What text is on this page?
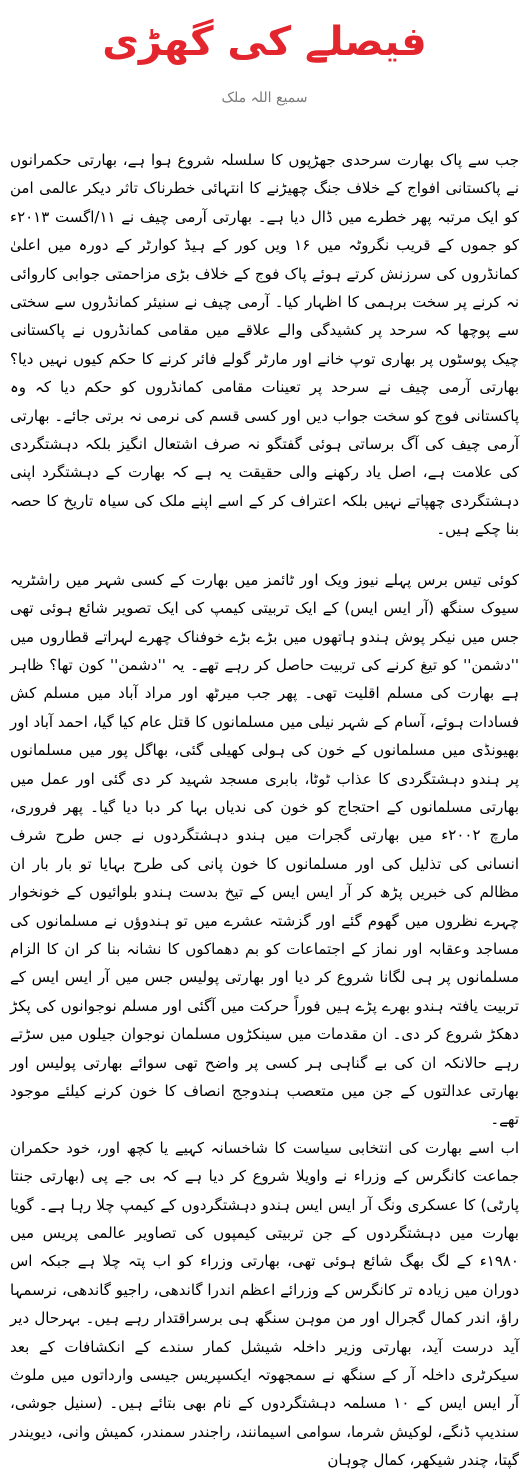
فیصلے کی گھڑی
سمیع اللہ ملک

جب سے پاک بھارت سرحدی جھڑپوں کا سلسلہ شروع ہوا ہے، بھارتی حکمرانوں نے پاکستانی افواج کے خلاف جنگ چھیڑنے کا انتہائی خطرناک تاثر دیکر عالمی امن کو ایک مرتبہ پھر خطرے میں ڈال دیا ہے۔ بھارتی آرمی چیف نے ۱۱/اگست ۲۰۱۳ء کو جموں کے قریب نگروٹہ میں ۱۶ ویں کور کے ہیڈ کوارٹر کے دورہ میں اعلیٰ کمانڈروں کی سرزنش کرتے ہوئے پاک فوج کے خلاف بڑی مزاحمتی جوابی کاروائی نہ کرنے پر سخت برہمی کا اظہار کیا۔ آرمی چیف نے سنیئر کمانڈروں سے سختی سے پوچھا کہ سرحد پر کشیدگی والے علاقے میں مقامی کمانڈروں نے پاکستانی چیک پوسٹوں پر بھاری توپ خانے اور مارٹر گولے فائر کرنے کا حکم کیوں نہیں دیا؟ بھارتی آرمی چیف نے سرحد پر تعینات مقامی کمانڈروں کو حکم دیا کہ وہ پاکستانی فوج کو سخت جواب دیں اور کسی قسم کی نرمی نہ برتی جائے۔ بھارتی آرمی چیف کی آگ برساتی ہوئی گفتگو نہ صرف اشتعال انگیز بلکہ دہشتگردی کی علامت ہے، اصل یاد رکھنے والی حقیقت یہ ہے کہ بھارت کے دہشتگرد اپنی دہشتگردی چھپاتے نہیں بلکہ اعتراف کر کے اسے اپنے ملک کی سیاہ تاریخ کا حصہ بنا چکے ہیں۔

کوئی تیس برس پہلے نیوز ویک اور ٹائمز میں بھارت کے کسی شہر میں راشٹریہ سیوک سنگھ (آر ایس ایس) کے ایک تربیتی کیمپ کی ایک تصویر شائع ہوئی تھی جس میں نیکر پوش ہندو ہاتھوں میں بڑے بڑے خوفناک چھرے لہراتے قطاروں میں ''دشمن'' کو تیغ کرنے کی تربیت حاصل کر رہے تھے۔ یہ ''دشمن'' کون تھا؟ ظاہر ہے بھارت کی مسلم اقلیت تھی۔ پھر جب میرٹھ اور مراد آباد میں مسلم کش فسادات ہوئے، آسام کے شہر نیلی میں مسلمانوں کا قتل عام کیا گیا، احمد آباد اور بھیونڈی میں مسلمانوں کے خون کی ہولی کھیلی گئی، بھاگل پور میں مسلمانوں پر ہندو دہشتگردی کا عذاب ٹوٹا، بابری مسجد شہید کر دی گئی اور عمل میں بھارتی مسلمانوں کے احتجاج کو خون کی ندیاں بہا کر دبا دیا گیا۔ پھر فروری، مارچ ۲۰۰۲ء میں بھارتی گجرات میں ہندو دہشتگردوں نے جس طرح شرف انسانی کی تذلیل کی اور مسلمانوں کا خون پانی کی طرح بہایا تو بار بار ان مظالم کی خبریں پڑھ کر آر ایس ایس کے تیخ بدست ہندو بلوائیوں کے خونخوار چہرے نظروں میں گھوم گئے اور گزشتہ عشرے میں تو ہندوؤں نے مسلمانوں کی مساجد وعقابہ اور نماز کے اجتماعات کو بم دھماکوں کا نشانہ بنا کر ان کا الزام مسلمانوں پر ہی لگانا شروع کر دیا اور بھارتی پولیس جس میں آر ایس ایس کے تربیت یافتہ ہندو بھرے پڑے ہیں فوراً حرکت میں آگئی اور مسلم نوجوانوں کی پکڑ دھکڑ شروع کر دی۔ ان مقدمات میں سینکڑوں مسلمان نوجوان جیلوں میں سڑتے رہے حالانکہ ان کی بے گناہی ہر کسی پر واضح تھی سوائے بھارتی پولیس اور بھارتی عدالتوں کے جن میں متعصب ہندوجج انصاف کا خون کرنے کیلئے موجود تھے۔

اب اسے بھارت کی انتخابی سیاست کا شاخسانہ کہیے یا کچھ اور، خود حکمران جماعت کانگرس کے وزراء نے واویلا شروع کر دیا ہے کہ بی جے پی (بھارتی جنتا پارٹی) کا عسکری ونگ آر ایس ایس ہندو دہشتگردوں کے کیمپ چلا رہا ہے۔ گویا بھارت میں دہشتگردوں کے جن تربیتی کیمپوں کی تصاویر عالمی پریس میں ۱۹۸۰ء کے لگ بھگ شائع ہوئی تھی، بھارتی وزراء کو اب پتہ چلا ہے جبکہ اس دوران میں زیادہ تر کانگرس کے وزرائے اعظم اندرا گاندھی، راجیو گاندھی، نرسمہا راؤ، اندر کمال گجرال اور من موہن سنگھ ہی برسراقتدار رہے ہیں۔ بہرحال دیر آید درست آید، بھارتی وزیر داخلہ شیشل کمار سندے کے انکشافات کے بعد سیکرٹری داخلہ آر کے سنگھ نے سمجھوتہ ایکسپریس جیسی وارداتوں میں ملوث آر ایس ایس کے ۱۰ مسلمہ دہشتگردوں کے نام بھی بتائے ہیں۔ (سنیل جوشی، سندیپ ڈنگے، لوکیش شرما، سوامی اسیمانند، راجندر سمندر، کمیش وانی، دیویندر گپتا، چندر شیکھر، کمال چوہان
